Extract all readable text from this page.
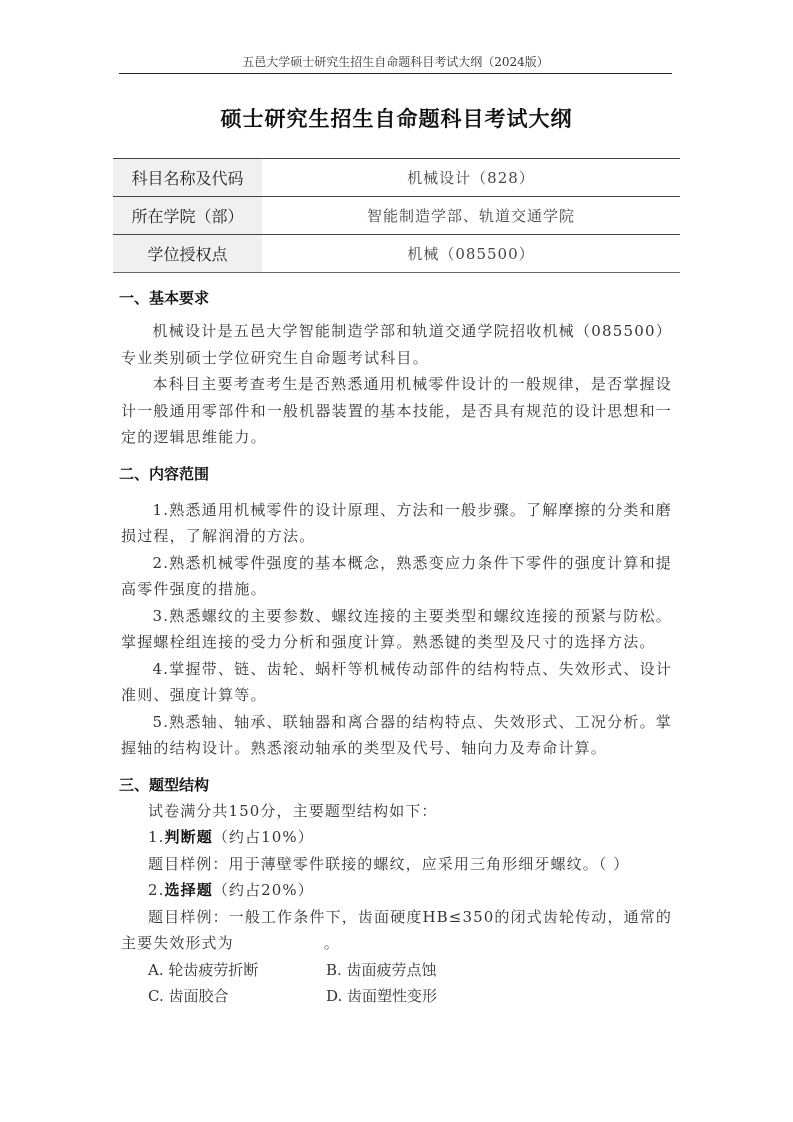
五邑大学硕士研究生招生自命题科目考试大纲（2024版）
硕士研究生招生自命题科目考试大纲
科目名称及代码	机械设计（828）
所在学院（部）	智能制造学部、轨道交通学院
学位授权点	机械（085500）
一、基本要求

机械设计是五邑大学智能制造学部和轨道交通学院招收机械（085500）专业类别硕士学位研究生自命题考试科目。

本科目主要考查考生是否熟悉通用机械零件设计的一般规律，是否掌握设计一般通用零部件和一般机器装置的基本技能，是否具有规范的设计思想和一定的逻辑思维能力。

二、内容范围

1.熟悉通用机械零件的设计原理、方法和一般步骤。了解摩擦的分类和磨损过程，了解润滑的方法。

2.熟悉机械零件强度的基本概念，熟悉变应力条件下零件的强度计算和提高零件强度的措施。

3.熟悉螺纹的主要参数、螺纹连接的主要类型和螺纹连接的预紧与防松。掌握螺栓组连接的受力分析和强度计算。熟悉键的类型及尺寸的选择方法。

4.掌握带、链、齿轮、蜗杆等机械传动部件的结构特点、失效形式、设计准则、强度计算等。

5.熟悉轴、轴承、联轴器和离合器的结构特点、失效形式、工况分析。掌握轴的结构设计。熟悉滚动轴承的类型及代号、轴向力及寿命计算。

三、题型结构

试卷满分共150分，主要题型结构如下：

1.判断题（约占10%）

题目样例：用于薄壁零件联接的螺纹，应采用三角形细牙螺纹。（ ）

2.选择题（约占20%）

题目样例：一般工作条件下，齿面硬度HB≤350的闭式齿轮传动，通常的主要失效形式为	。

A. 轮齿疲劳折断	B. 齿面疲劳点蚀
C. 齿面胶合	D. 齿面塑性变形
